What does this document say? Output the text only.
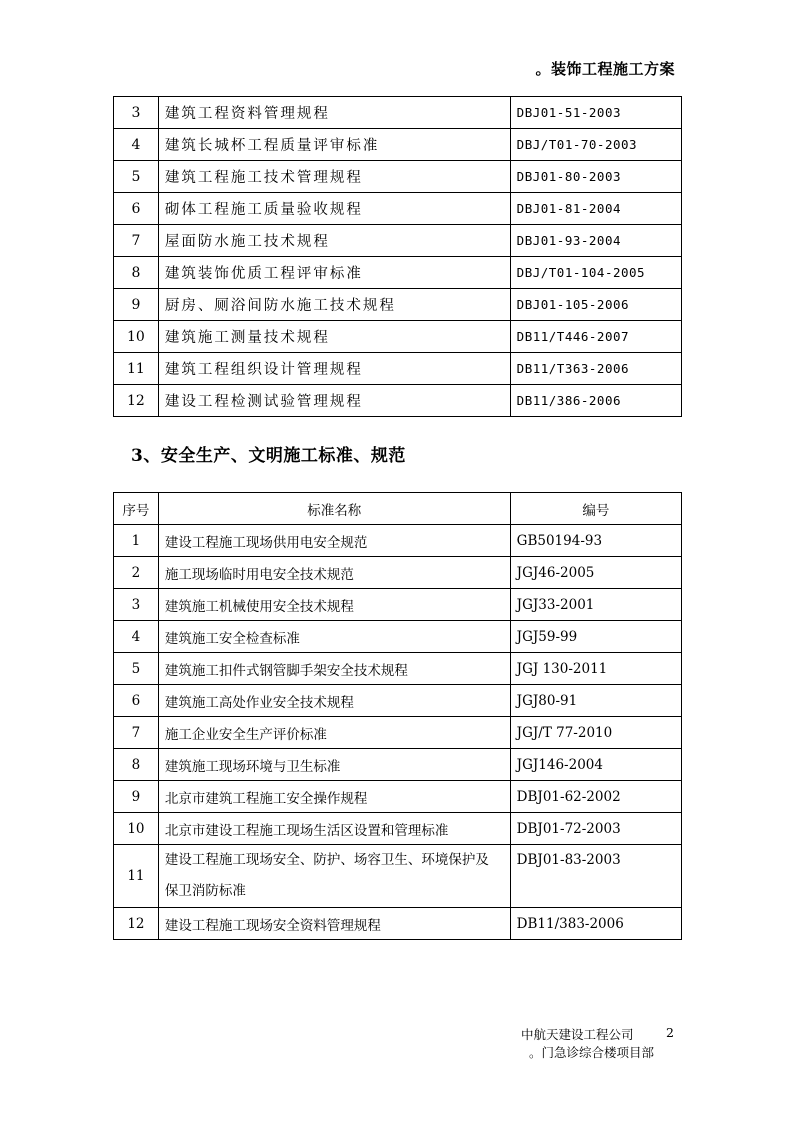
。装饰工程施工方案
3	建筑工程资料管理规程	DBJ01-51-2003
4	建筑长城杯工程质量评审标准	DBJ/T01-70-2003
5	建筑工程施工技术管理规程	DBJ01-80-2003
6	砌体工程施工质量验收规程	DBJ01-81-2004
7	屋面防水施工技术规程	DBJ01-93-2004
8	建筑装饰优质工程评审标准	DBJ/T01-104-2005
9	厨房、厕浴间防水施工技术规程	DBJ01-105-2006
10	建筑施工测量技术规程	DB11/T446-2007
11	建筑工程组织设计管理规程	DB11/T363-2006
12	建设工程检测试验管理规程	DB11/386-2006
3、安全生产、文明施工标准、规范
序号	标准名称	编号
1	建设工程施工现场供用电安全规范	GB50194-93
2	施工现场临时用电安全技术规范	JGJ46-2005
3	建筑施工机械使用安全技术规程	JGJ33-2001
4	建筑施工安全检查标准	JGJ59-99
5	建筑施工扣件式钢管脚手架安全技术规程	JGJ 130-2011
6	建筑施工高处作业安全技术规程	JGJ80-91
7	施工企业安全生产评价标准	JGJ/T 77-2010
8	建筑施工现场环境与卫生标准	JGJ146-2004
9	北京市建筑工程施工安全操作规程	DBJ01-62-2002
10	北京市建设工程施工现场生活区设置和管理标准	DBJ01-72-2003
11	建设工程施工现场安全、防护、场容卫生、环境保护及
保卫消防标准	DBJ01-83-2003
12	建设工程施工现场安全资料管理规程	DB11/383-2006
中航天建设工程公司	2
。门急诊综合楼项目部
